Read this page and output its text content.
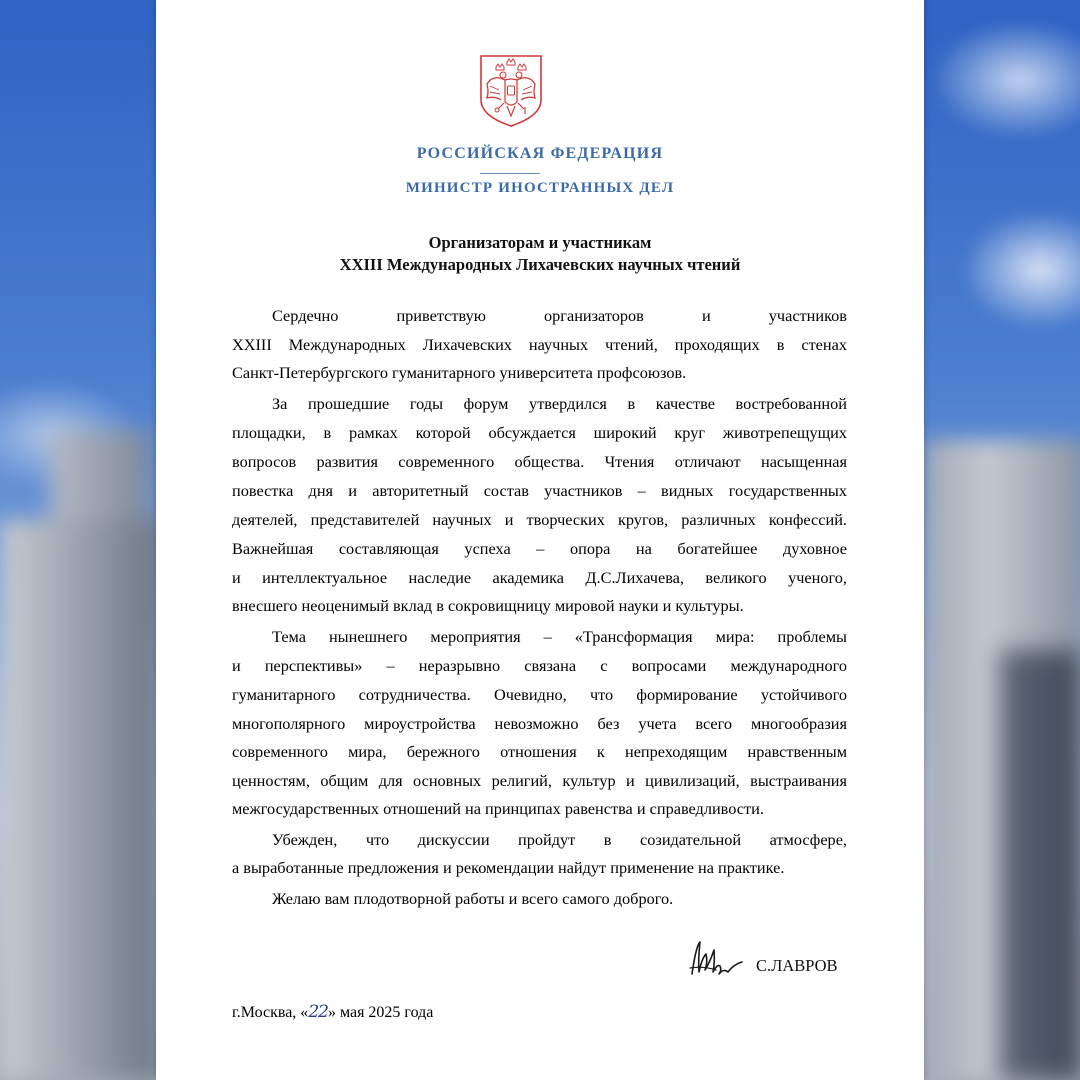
РОССИЙСКАЯ ФЕДЕРАЦИЯ
МИНИСТР ИНОСТРАННЫХ ДЕЛ
Организаторам и участникам
XXIII Международных Лихачевских научных чтений
Сердечно приветствую организаторов и участников
XXIII Международных Лихачевских научных чтений, проходящих в стенах
Санкт-Петербургского гуманитарного университета профсоюзов.
За прошедшие годы форум утвердился в качестве востребованной
площадки, в рамках которой обсуждается широкий круг животрепещущих
вопросов развития современного общества. Чтения отличают насыщенная
повестка дня и авторитетный состав участников – видных государственных
деятелей, представителей научных и творческих кругов, различных конфессий.
Важнейшая составляющая успеха – опора на богатейшее духовное
и интеллектуальное наследие академика Д.С.Лихачева, великого ученого,
внесшего неоценимый вклад в сокровищницу мировой науки и культуры.
Тема нынешнего мероприятия – «Трансформация мира: проблемы
и перспективы» – неразрывно связана с вопросами международного
гуманитарного сотрудничества. Очевидно, что формирование устойчивого
многополярного мироустройства невозможно без учета всего многообразия
современного мира, бережного отношения к непреходящим нравственным
ценностям, общим для основных религий, культур и цивилизаций, выстраивания
межгосударственных отношений на принципах равенства и справедливости.
Убежден, что дискуссии пройдут в созидательной атмосфере,
а выработанные предложения и рекомендации найдут применение на практике.
Желаю вам плодотворной работы и всего самого доброго.
С.ЛАВРОВ
г.Москва, «22» мая 2025 года
